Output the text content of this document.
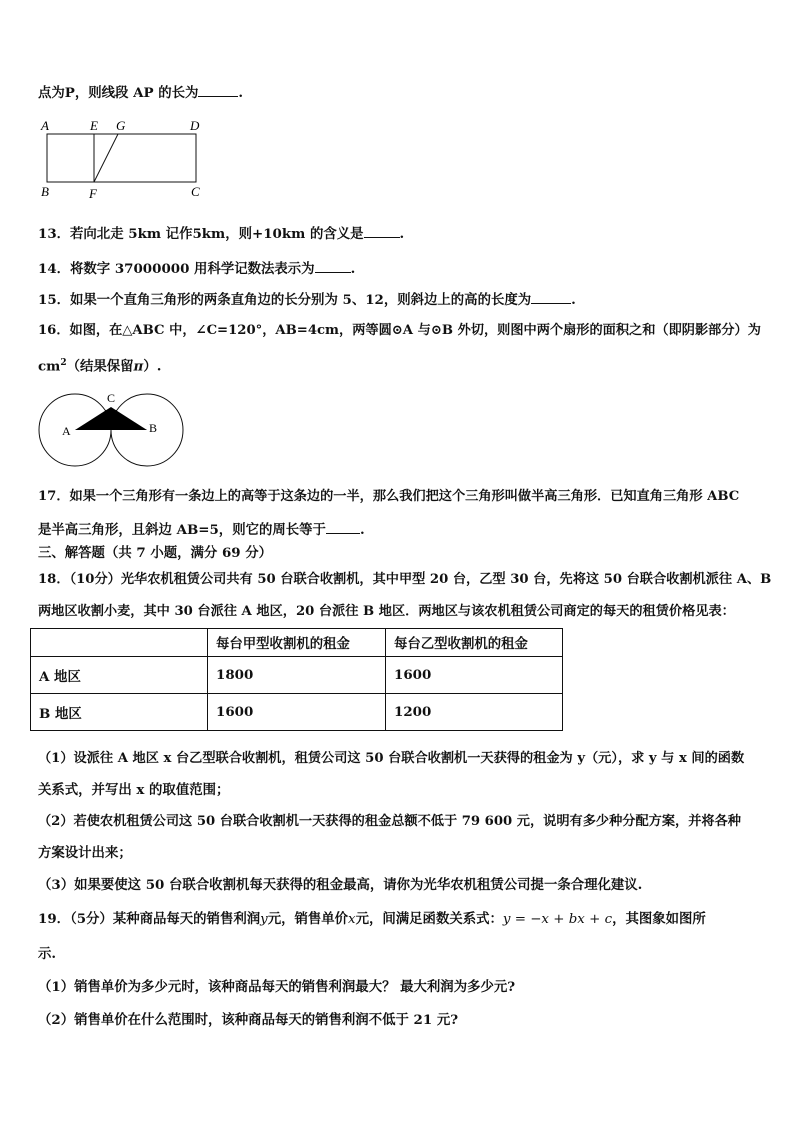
点为P，则线段 AP 的长为	.
A	E G	D
B	F	C
13．若向北走 5km 记作5km，则+10km 的含义是	.
14．将数字 37000000 用科学记数法表示为	.
15．如果一个直角三角形的两条直角边的长分别为 5、12，则斜边上的高的长度为	.
16．如图，在△ABC 中，∠C=120°，AB=4cm，两等圆⊙A 与⊙B 外切，则图中两个扇形的面积之和（即阴影部分）为
$cm^2$（结果保留π）.
A	B
C
17．如果一个三角形有一条边上的高等于这条边的一半，那么我们把这个三角形叫做半高三角形．已知直角三角形 ABC
是半高三角形，且斜边 AB=5，则它的周长等于	.
三、解答题（共 7 小题，满分 69 分）
18．（10分）光华农机租赁公司共有 50 台联合收割机，其中甲型 20 台，乙型 30 台，先将这 50 台联合收割机派往 A、B
两地区收割小麦，其中 30 台派往 A 地区，20 台派往 B 地区．两地区与该农机租赁公司商定的每天的租赁价格见表：
	每台甲型收割机的租金	每台乙型收割机的租金
A 地区	1800	1600
B 地区	1600	1200
（1）设派往 A 地区 x 台乙型联合收割机，租赁公司这 50 台联合收割机一天获得的租金为 y（元），求 y 与 x 间的函数
关系式，并写出 x 的取值范围；
（2）若使农机租赁公司这 50 台联合收割机一天获得的租金总额不低于 79 600 元，说明有多少种分配方案，并将各种
方案设计出来；
（3）如果要使这 50 台联合收割机每天获得的租金最高，请你为光华农机租赁公司提一条合理化建议.
19．（5分）某种商品每天的销售利润y元，销售单价x元，间满足函数关系式：y = −x + bx + c，其图象如图所
示.
（1）销售单价为多少元时，该种商品每天的销售利润最大？ 最大利润为多少元?
（2）销售单价在什么范围时，该种商品每天的销售利润不低于 21 元?
